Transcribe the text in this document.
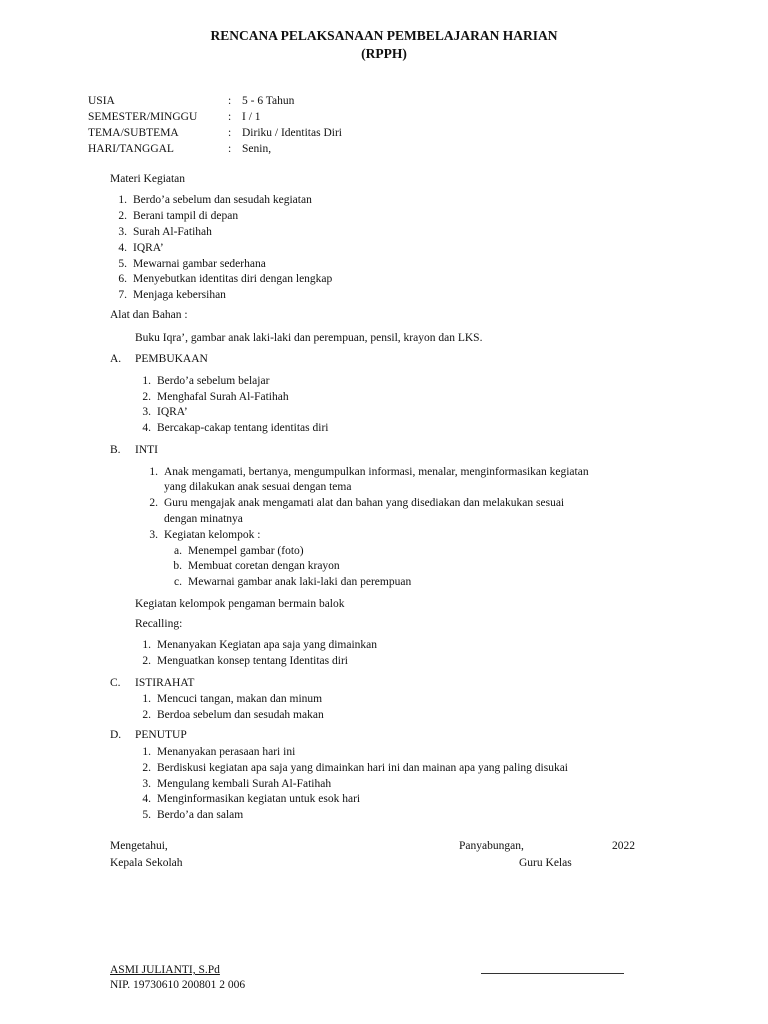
RENCANA PELAKSANAAN PEMBELAJARAN HARIAN
(RPPH)
USIA	: 5 - 6 Tahun
SEMESTER/MINGGU	: I / 1
TEMA/SUBTEMA	: Diriku / Identitas Diri
HARI/TANGGAL	: Senin,
Materi Kegiatan
1. Berdo’a sebelum dan sesudah kegiatan
2. Berani tampil di depan
3. Surah Al-Fatihah
4. IQRA’
5. Mewarnai gambar sederhana
6. Menyebutkan identitas diri dengan lengkap
7. Menjaga kebersihan
Alat dan Bahan :
Buku Iqra’, gambar anak laki-laki dan perempuan, pensil, krayon dan LKS.
A. PEMBUKAAN
1. Berdo’a sebelum belajar
2. Menghafal Surah Al-Fatihah
3. IQRA’
4. Bercakap-cakap tentang identitas diri
B. INTI
1. Anak mengamati, bertanya, mengumpulkan informasi, menalar, menginformasikan kegiatan
yang dilakukan anak sesuai dengan tema
2. Guru mengajak anak mengamati alat dan bahan yang disediakan dan melakukan sesuai
dengan minatnya
3. Kegiatan kelompok :
a. Menempel gambar (foto)
b. Membuat coretan dengan krayon
c. Mewarnai gambar anak laki-laki dan perempuan
Kegiatan kelompok pengaman bermain balok
Recalling:
1. Menanyakan Kegiatan apa saja yang dimainkan
2. Menguatkan konsep tentang Identitas diri
C. ISTIRAHAT
1. Mencuci tangan, makan dan minum
2. Berdoa sebelum dan sesudah makan
D. PENUTUP
1. Menanyakan perasaan hari ini
2. Berdiskusi kegiatan apa saja yang dimainkan hari ini dan mainan apa yang paling disukai
3. Mengulang kembali Surah Al-Fatihah
4. Menginformasikan kegiatan untuk esok hari
5. Berdo’a dan salam
Mengetahui,
Kepala Sekolah
Panyabungan,	2022
Guru Kelas
ASMI JULIANTI, S.Pd
NIP. 19730610 200801 2 006
